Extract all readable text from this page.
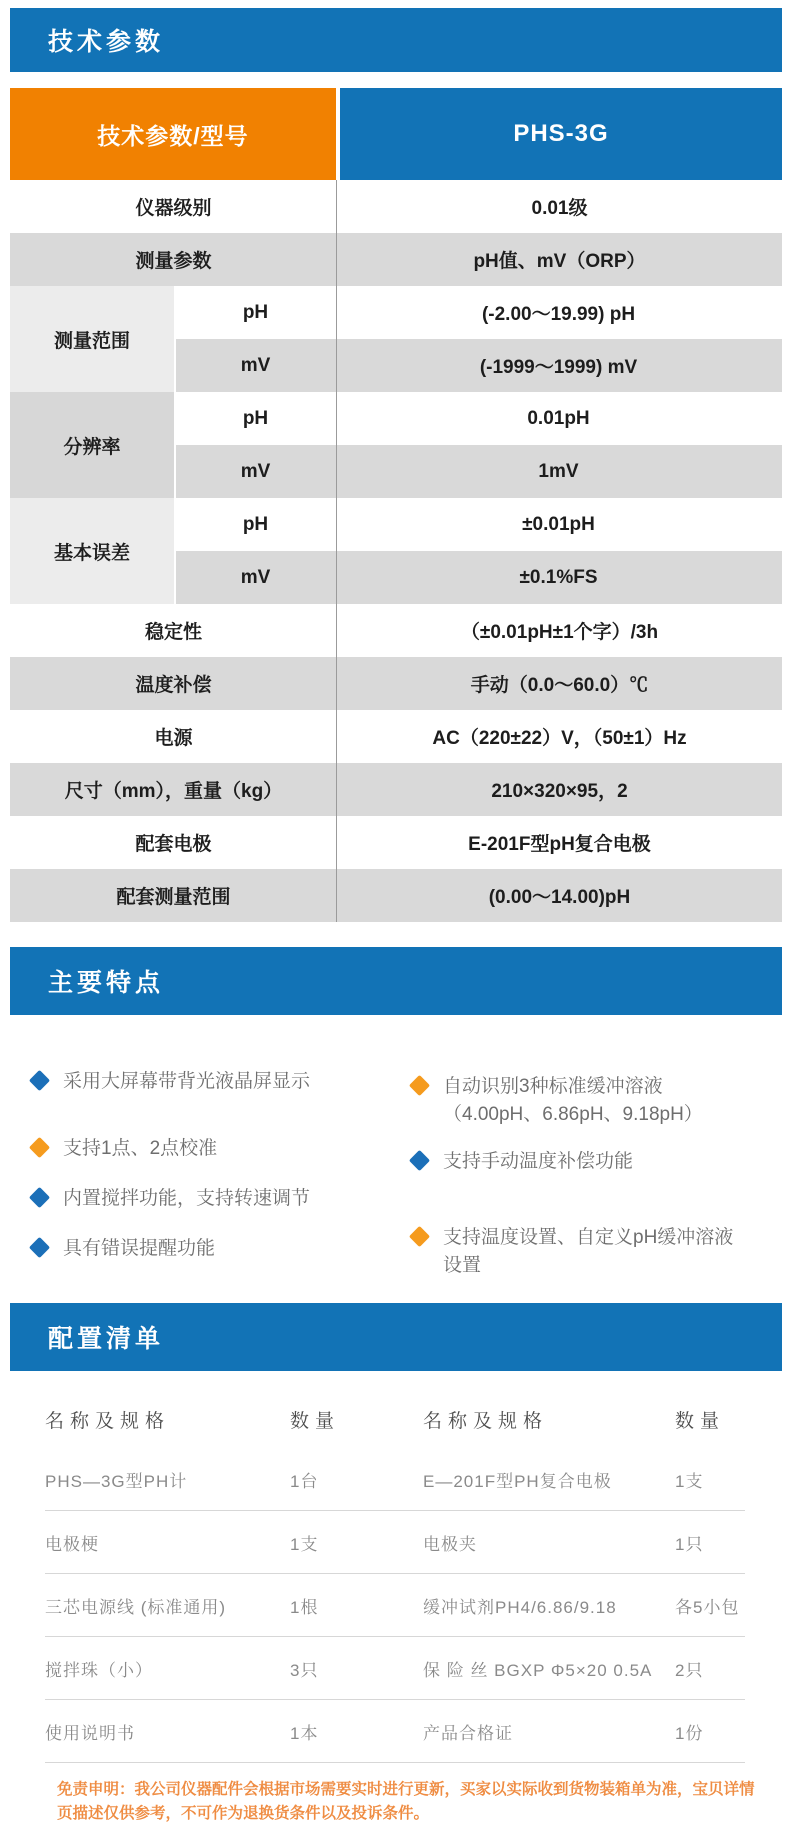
技术参数
技术参数/型号	PHS-3G
仪器级别	0.01级
测量参数	pH值、mV（ORP）
测量范围
pH	(-2.00～19.99) pH
mV	(-1999～1999) mV
分辨率
pH	0.01pH
mV	1mV
基本误差
pH	±0.01pH
mV	±0.1%FS
稳定性	（±0.01pH±1个字）/3h
温度补偿	手动（0.0～60.0）℃
电源	AC（220±22）V，（50±1）Hz
尺寸（mm），重量（kg）	210×320×95，2
配套电极	E-201F型pH复合电极
配套测量范围	(0.00～14.00)pH
主要特点
采用大屏幕带背光液晶屏显示
支持1点、2点校准
内置搅拌功能，支持转速调节
具有错误提醒功能
自动识别3种标准缓冲溶液（4.00pH、6.86pH、9.18pH）
支持手动温度补偿功能
支持温度设置、自定义pH缓冲溶液设置
配置清单
名称及规格	数量	名称及规格	数量
PHS—3G型PH计	1台	E—201F型PH复合电极	1支
电极梗	1支	电极夹	1只
三芯电源线 (标准通用)	1根	缓冲试剂PH4/6.86/9.18	各5小包
搅拌珠（小）	3只	保 险 丝 BGXP Φ5×20 0.5A	2只
使用说明书	1本	产品合格证	1份
免责申明：我公司仪器配件会根据市场需要实时进行更新，买家以实际收到货物装箱单为准，宝贝详情页描述仅供参考，不可作为退换货条件以及投诉条件。
